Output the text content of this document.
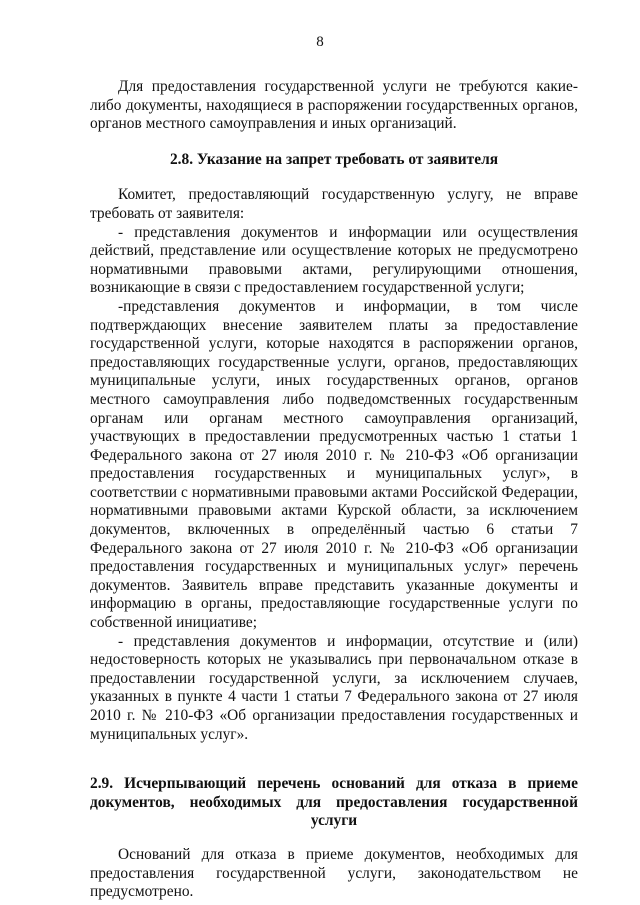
8

Для предоставления государственной услуги не требуются какие-либо документы, находящиеся в распоряжении государственных органов, органов местного самоуправления и иных организаций.

2.8. Указание на запрет требовать от заявителя

Комитет, предоставляющий государственную услугу, не вправе требовать от заявителя:

- представления документов и информации или осуществления действий, представление или осуществление которых не предусмотрено нормативными правовыми актами, регулирующими отношения, возникающие в связи с предоставлением государственной услуги;

-представления документов и информации, в том числе подтверждающих внесение заявителем платы за предоставление государственной услуги, которые находятся в распоряжении органов, предоставляющих государственные услуги, органов, предоставляющих муниципальные услуги, иных государственных органов, органов местного самоуправления либо подведомственных государственным органам или органам местного самоуправления организаций, участвующих в предоставлении предусмотренных частью 1 статьи 1 Федерального закона от 27 июля 2010 г. № 210-ФЗ «Об организации предоставления государственных и муниципальных услуг», в соответствии с нормативными правовыми актами Российской Федерации, нормативными правовыми актами Курской области, за исключением документов, включенных в определённый частью 6 статьи 7 Федерального закона от 27 июля 2010 г. № 210-ФЗ «Об организации предоставления государственных и муниципальных услуг» перечень документов. Заявитель вправе представить указанные документы и информацию в органы, предоставляющие государственные услуги по собственной инициативе;

- представления документов и информации, отсутствие и (или) недостоверность которых не указывались при первоначальном отказе в предоставлении государственной услуги, за исключением случаев, указанных в пункте 4 части 1 статьи 7 Федерального закона от 27 июля 2010 г. № 210-ФЗ «Об организации предоставления государственных и муниципальных услуг».

2.9. Исчерпывающий перечень оснований для отказа в приеме документов, необходимых для предоставления государственной услуги

Оснований для отказа в приеме документов, необходимых для предоставления государственной услуги, законодательством не предусмотрено.
